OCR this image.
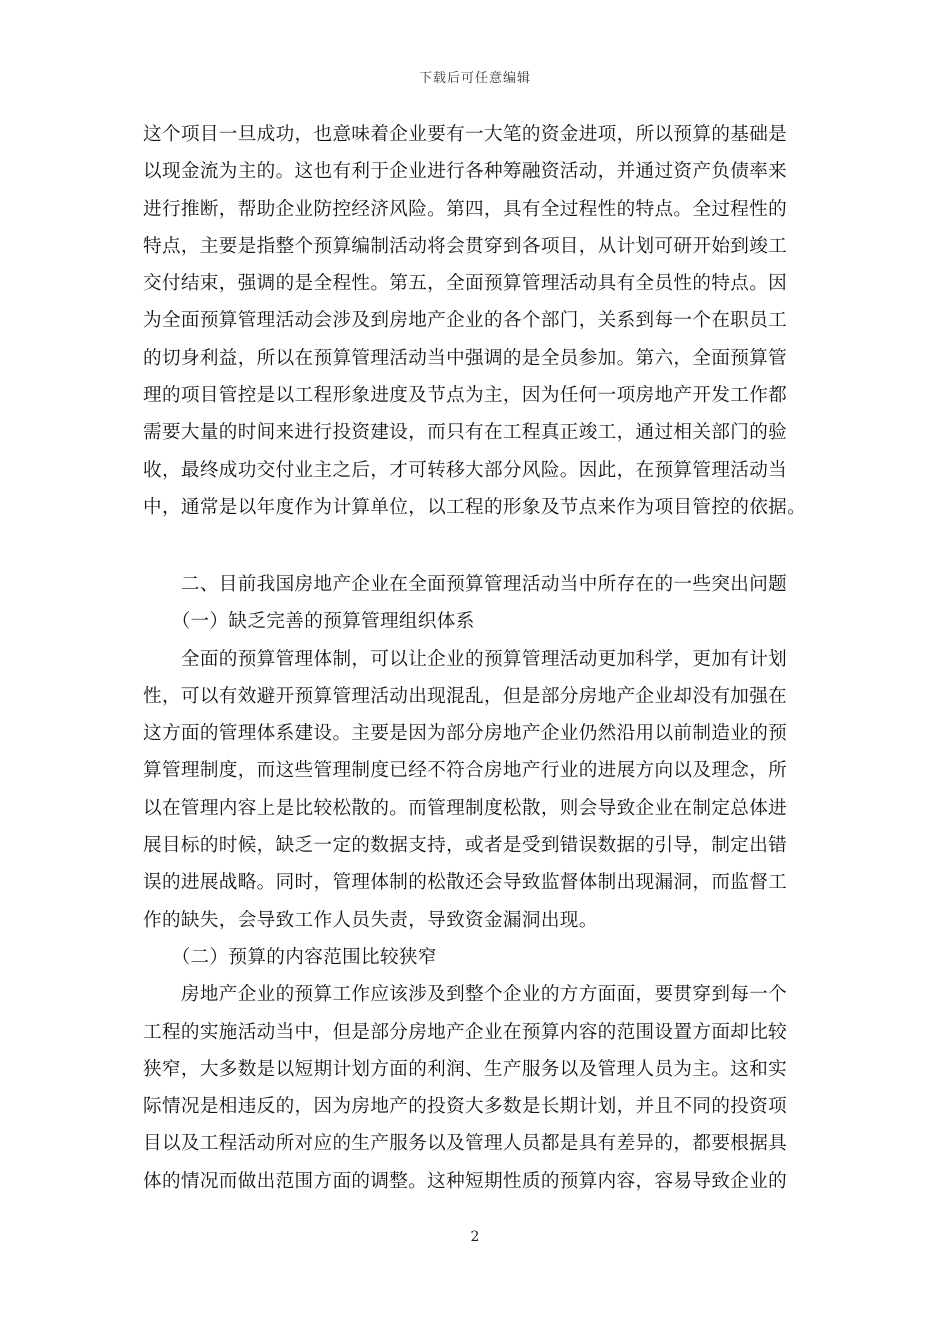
下载后可任意编辑
这个项目一旦成功，也意味着企业要有一大笔的资金进项，所以预算的基础是
以现金流为主的。这也有利于企业进行各种筹融资活动，并通过资产负债率来
进行推断，帮助企业防控经济风险。第四，具有全过程性的特点。全过程性的
特点，主要是指整个预算编制活动将会贯穿到各项目，从计划可研开始到竣工
交付结束，强调的是全程性。第五，全面预算管理活动具有全员性的特点。因
为全面预算管理活动会涉及到房地产企业的各个部门，关系到每一个在职员工
的切身利益，所以在预算管理活动当中强调的是全员参加。第六，全面预算管
理的项目管控是以工程形象进度及节点为主，因为任何一项房地产开发工作都
需要大量的时间来进行投资建设，而只有在工程真正竣工，通过相关部门的验
收，最终成功交付业主之后，才可转移大部分风险。因此，在预算管理活动当
中，通常是以年度作为计算单位，以工程的形象及节点来作为项目管控的依据。
　　二、目前我国房地产企业在全面预算管理活动当中所存在的一些突出问题
　　（一）缺乏完善的预算管理组织体系
　　全面的预算管理体制，可以让企业的预算管理活动更加科学，更加有计划
性，可以有效避开预算管理活动出现混乱，但是部分房地产企业却没有加强在
这方面的管理体系建设。主要是因为部分房地产企业仍然沿用以前制造业的预
算管理制度，而这些管理制度已经不符合房地产行业的进展方向以及理念，所
以在管理内容上是比较松散的。而管理制度松散，则会导致企业在制定总体进
展目标的时候，缺乏一定的数据支持，或者是受到错误数据的引导，制定出错
误的进展战略。同时，管理体制的松散还会导致监督体制出现漏洞，而监督工
作的缺失，会导致工作人员失责，导致资金漏洞出现。
　　（二）预算的内容范围比较狭窄
　　房地产企业的预算工作应该涉及到整个企业的方方面面，要贯穿到每一个
工程的实施活动当中，但是部分房地产企业在预算内容的范围设置方面却比较
狭窄，大多数是以短期计划方面的利润、生产服务以及管理人员为主。这和实
际情况是相违反的，因为房地产的投资大多数是长期计划，并且不同的投资项
目以及工程活动所对应的生产服务以及管理人员都是具有差异的，都要根据具
体的情况而做出范围方面的调整。这种短期性质的预算内容，容易导致企业的
2
